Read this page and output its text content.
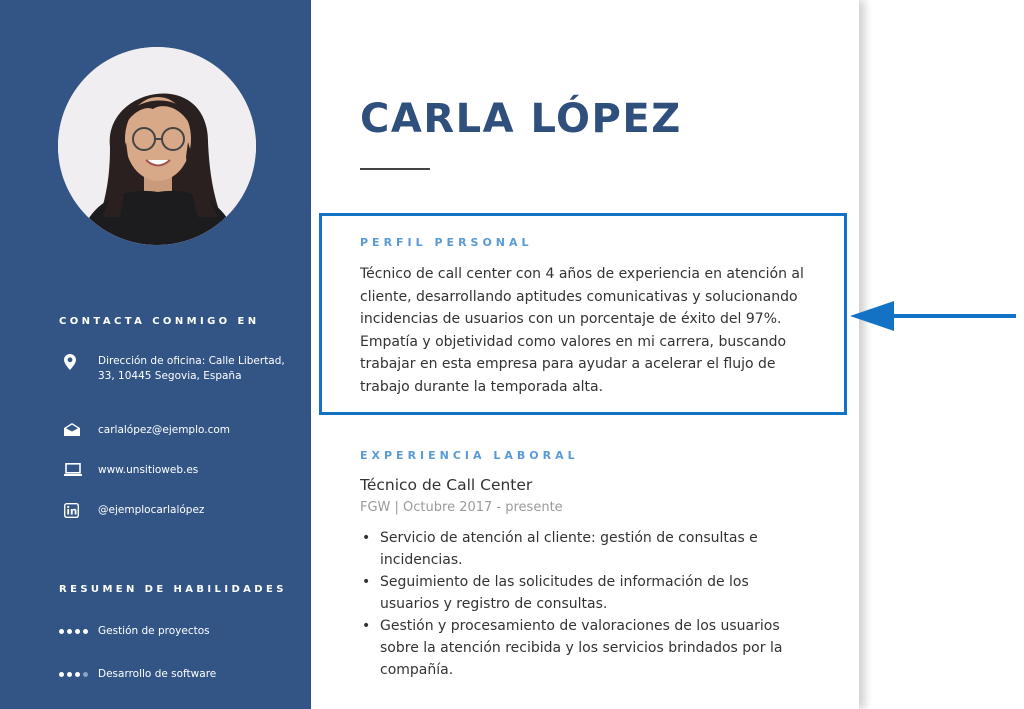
CONTACTA CONMIGO EN
Dirección de oficina: Calle Libertad, 33, 10445 Segovia, España
carlalópez@ejemplo.com
www.unsitioweb.es
@ejemplocarlalópez
RESUMEN DE HABILIDADES
Gestión de proyectos
Desarrollo de software
CARLA LÓPEZ
PERFIL PERSONAL
Técnico de call center con 4 años de experiencia en atención al cliente, desarrollando aptitudes comunicativas y solucionando incidencias de usuarios con un porcentaje de éxito del 97%. Empatía y objetividad como valores en mi carrera, buscando trabajar en esta empresa para ayudar a acelerar el flujo de trabajo durante la temporada alta.
EXPERIENCIA LABORAL
Técnico de Call Center
FGW | Octubre 2017 - presente
• Servicio de atención al cliente: gestión de consultas e incidencias.
• Seguimiento de las solicitudes de información de los usuarios y registro de consultas.
• Gestión y procesamiento de valoraciones de los usuarios sobre la atención recibida y los servicios brindados por la compañía.
